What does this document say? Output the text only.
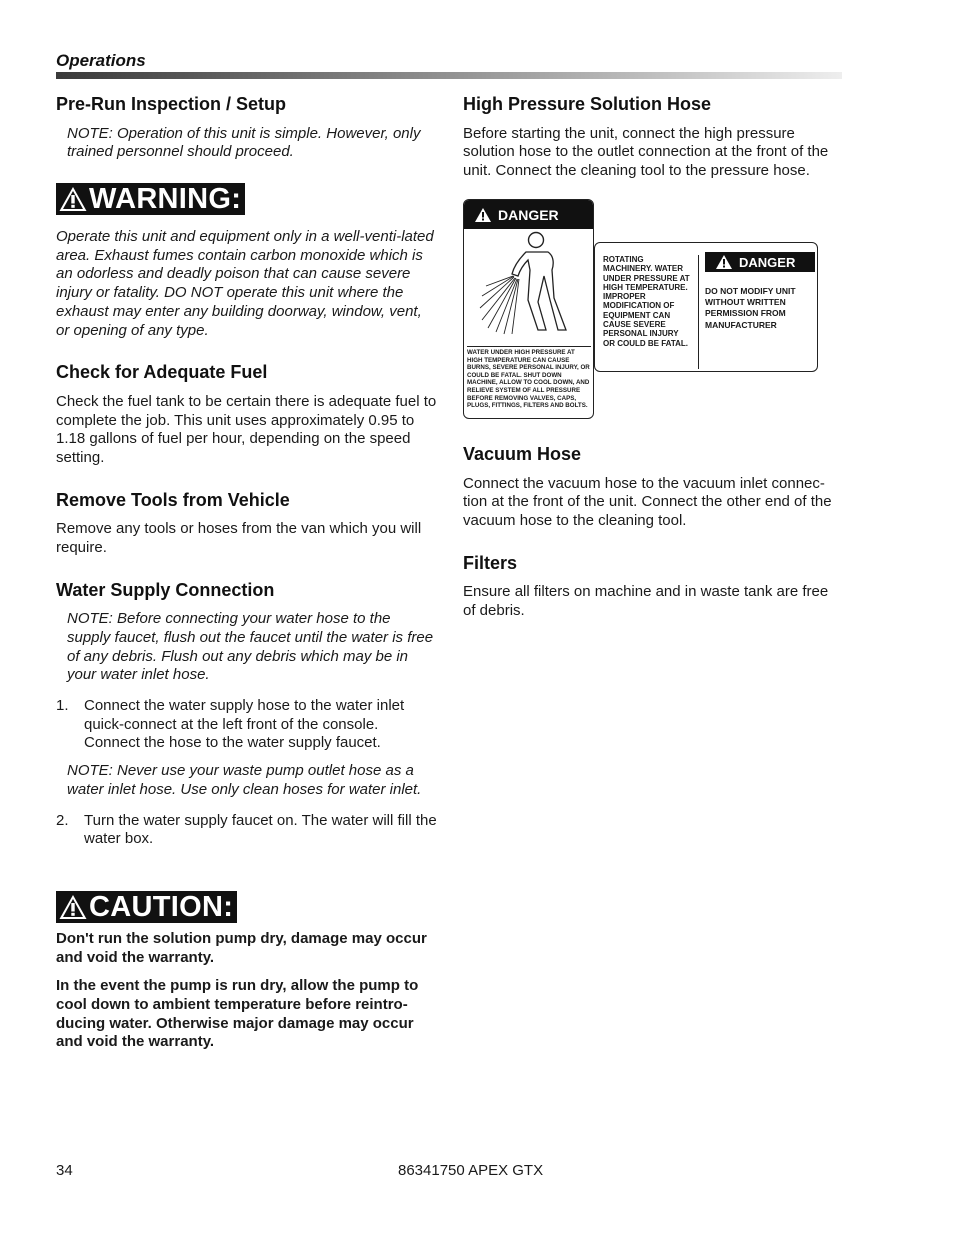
Operations
Pre-Run Inspection / Setup

NOTE: Operation of this unit is simple. However, only trained personnel should proceed.

WARNING:

Operate this unit and equipment only in a well-venti-lated area. Exhaust fumes contain carbon monoxide which is an odorless and deadly poison that can cause severe injury or fatality. DO NOT operate this unit where the exhaust may enter any building doorway, window, vent, or opening of any type.

Check for Adequate Fuel

Check the fuel tank to be certain there is adequate fuel to complete the job. This unit uses approximately 0.95 to 1.18 gallons of fuel per hour, depending on the speed setting.

Remove Tools from Vehicle

Remove any tools or hoses from the van which you will require.

Water Supply Connection

NOTE: Before connecting your water hose to the supply faucet, flush out the faucet until the water is free of any debris. Flush out any debris which may be in your water inlet hose.

1. Connect the water supply hose to the water inlet quick-connect at the left front of the console. Connect the hose to the water supply faucet.

NOTE: Never use your waste pump outlet hose as a water inlet hose. Use only clean hoses for water inlet.

2. Turn the water supply faucet on. The water will fill the water box.
CAUTION:

Don't run the solution pump dry, damage may occur and void the warranty.

In the event the pump is run dry, allow the pump to cool down to ambient temperature before reintro-ducing water. Otherwise major damage may occur and void the warranty.

High Pressure Solution Hose

Before starting the unit, connect the high pressure solution hose to the outlet connection at the front of the unit. Connect the cleaning tool to the pressure hose.

DANGER
WATER UNDER HIGH PRESSURE AT HIGH TEMPERATURE CAN CAUSE BURNS, SEVERE PERSONAL INJURY, OR COULD BE FATAL. SHUT DOWN MACHINE, ALLOW TO COOL DOWN, AND RELIEVE SYSTEM OF ALL PRESSURE BEFORE REMOVING VALVES, CAPS, PLUGS, FITTINGS, FILTERS AND BOLTS.
ROTATING MACHINERY. WATER UNDER PRESSURE AT HIGH TEMPERATURE. IMPROPER MODIFICATION OF EQUIPMENT CAN CAUSE SEVERE PERSONAL INJURY OR COULD BE FATAL.
DANGER
DO NOT MODIFY UNIT WITHOUT WRITTEN PERMISSION FROM MANUFACTURER
Vacuum Hose

Connect the vacuum hose to the vacuum inlet connec-tion at the front of the unit. Connect the other end of the vacuum hose to the cleaning tool.

Filters

Ensure all filters on machine and in waste tank are free of debris.

34	86341750 APEX GTX
